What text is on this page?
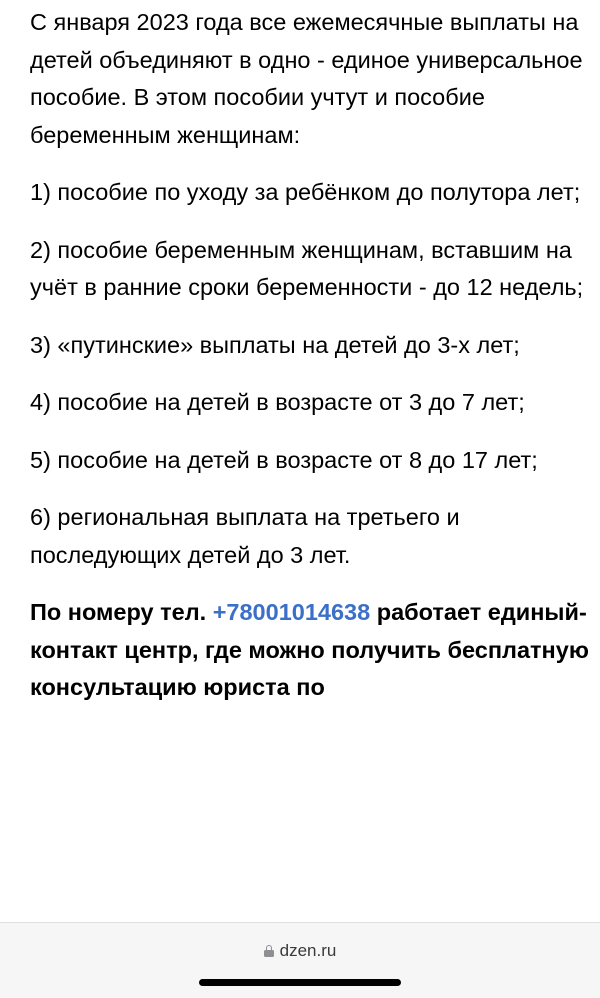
С января 2023 года все ежемесячные выплаты на детей объединяют в одно - единое универсальное пособие. В этом пособии учтут и пособие беременным женщинам:

1) пособие по уходу за ребёнком до полутора лет;

2) пособие беременным женщинам, вставшим на учёт в ранние сроки беременности - до 12 недель;

3) «путинские» выплаты на детей до 3-х лет;

4) пособие на детей в возрасте от 3 до 7 лет;

5) пособие на детей в возрасте от 8 до 17 лет;

6) региональная выплата на третьего и последующих детей до 3 лет.

По номеру тел. +78001014638 работает единый-контакт центр, где можно получить бесплатную консультацию юриста по

dzen.ru
